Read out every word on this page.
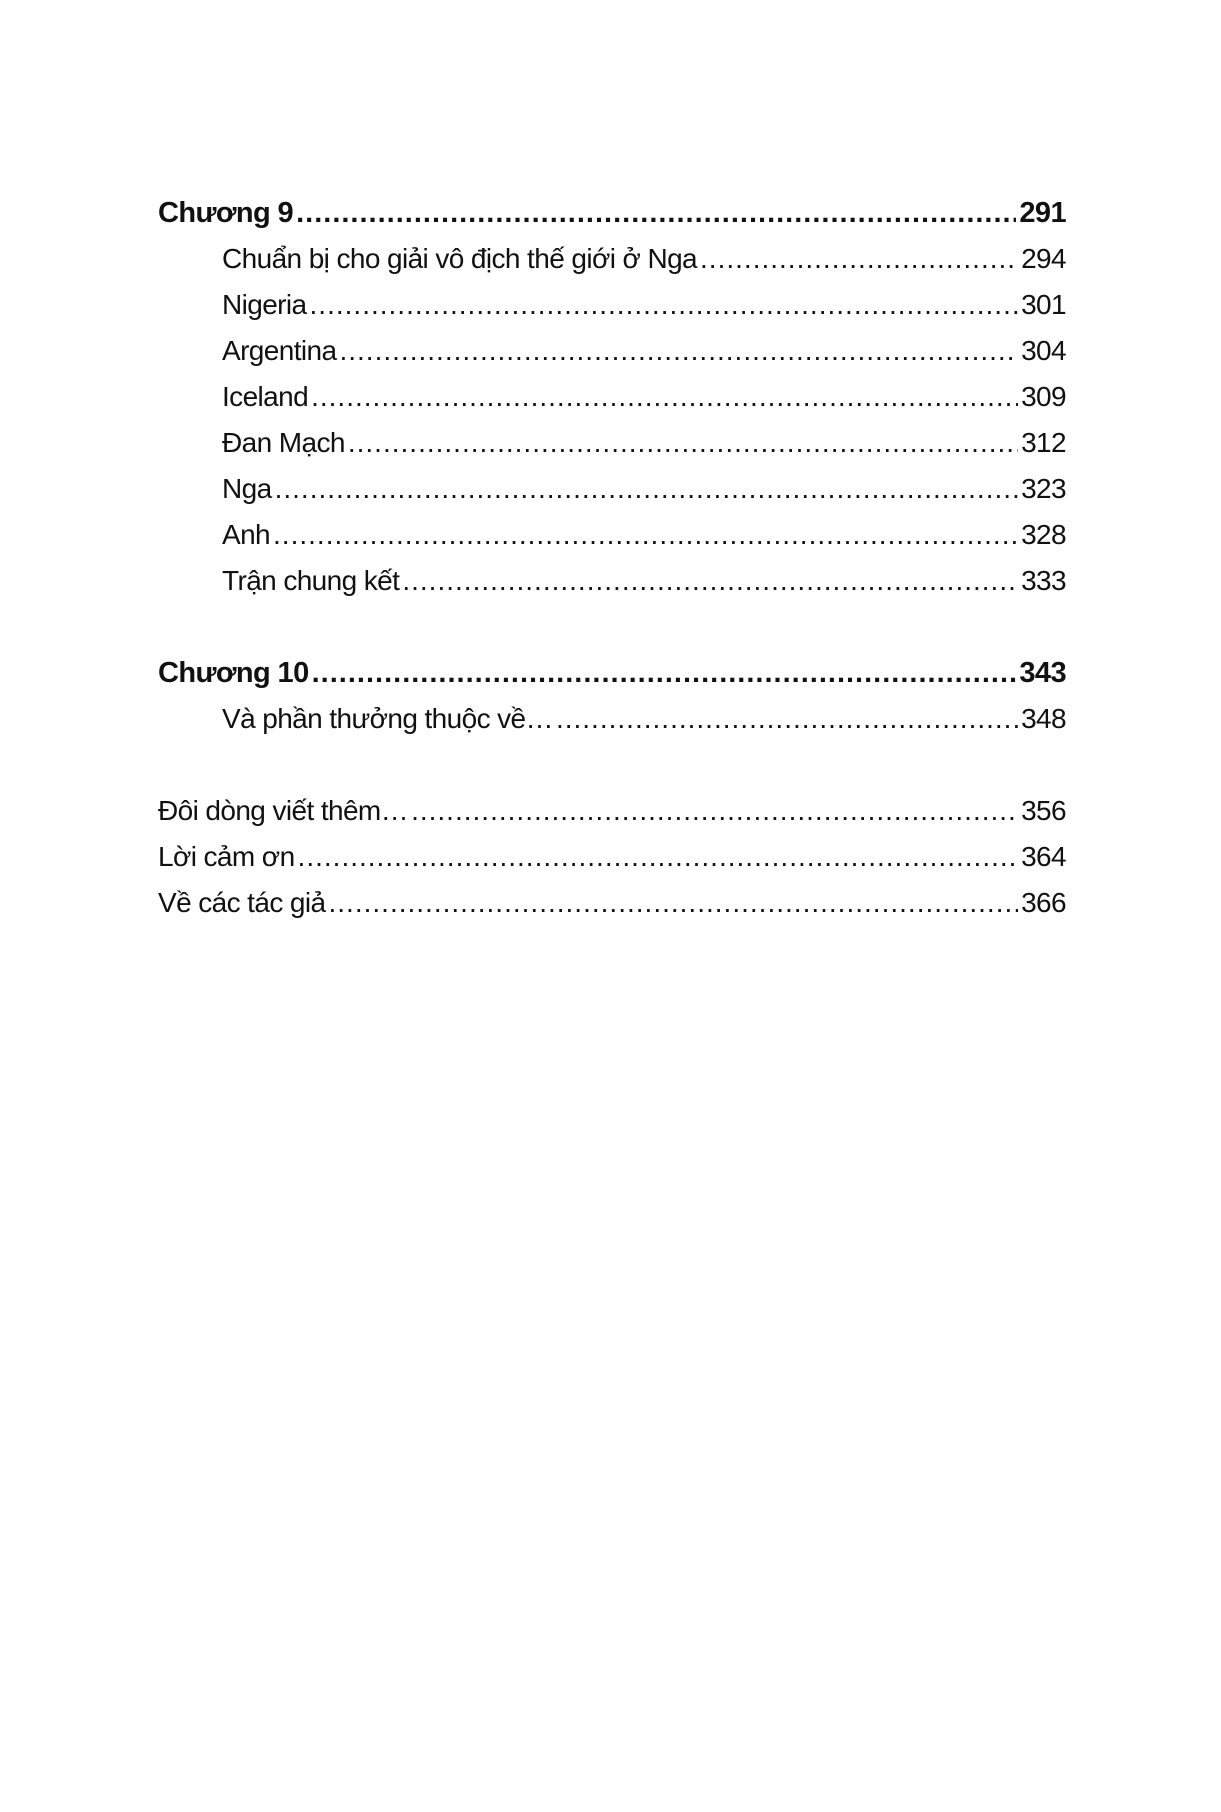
Chương 9 .....	291
Chuẩn bị cho giải vô địch thế giới ở Nga .....	294
Nigeria .....	301
Argentina .....	304
Iceland .....	309
Đan Mạch .....	312
Nga .....	323
Anh .....	328
Trận chung kết .....	333
Chương 10 .....	343
Và phần thưởng thuộc về… .....	348
Đôi dòng viết thêm… .....	356
Lời cảm ơn .....	364
Về các tác giả .....	366
